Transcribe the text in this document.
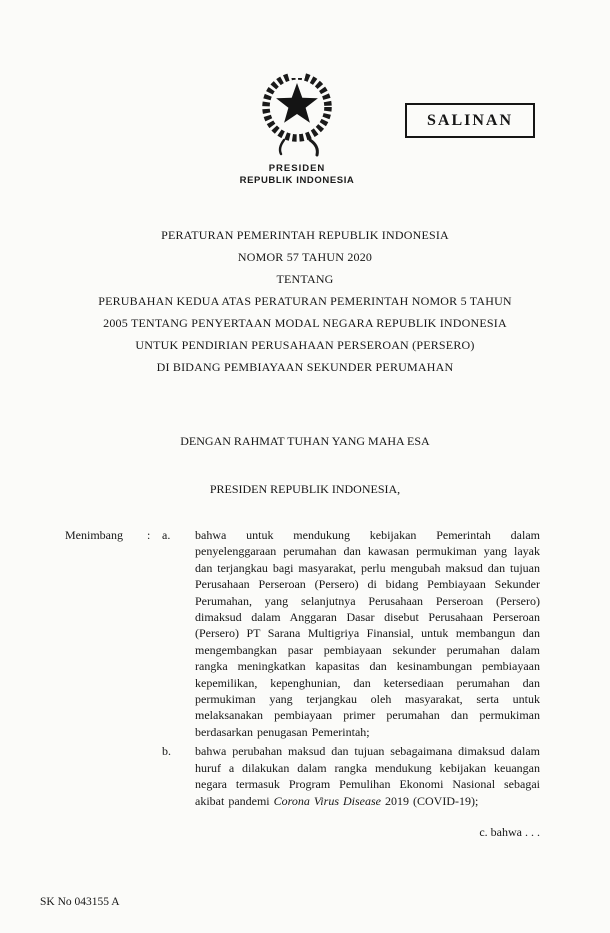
SALINAN
PRESIDEN
REPUBLIK INDONESIA
PERATURAN PEMERINTAH REPUBLIK INDONESIA
NOMOR 57 TAHUN 2020
TENTANG
PERUBAHAN KEDUA ATAS PERATURAN PEMERINTAH NOMOR 5 TAHUN
2005 TENTANG PENYERTAAN MODAL NEGARA REPUBLIK INDONESIA
UNTUK PENDIRIAN PERUSAHAAN PERSEROAN (PERSERO)
DI BIDANG PEMBIAYAAN SEKUNDER PERUMAHAN
DENGAN RAHMAT TUHAN YANG MAHA ESA
PRESIDEN REPUBLIK INDONESIA,
Menimbang	: a.	bahwa untuk mendukung kebijakan Pemerintah dalam penyelenggaraan perumahan dan kawasan permukiman yang layak dan terjangkau bagi masyarakat, perlu mengubah maksud dan tujuan Perusahaan Perseroan (Persero) di bidang Pembiayaan Sekunder Perumahan, yang selanjutnya Perusahaan Perseroan (Persero) dimaksud dalam Anggaran Dasar disebut Perusahaan Perseroan (Persero) PT Sarana Multigriya Finansial, untuk membangun dan mengembangkan pasar pembiayaan sekunder perumahan dalam rangka meningkatkan kapasitas dan kesinambungan pembiayaan kepemilikan, kepenghunian, dan ketersediaan perumahan dan permukiman yang terjangkau oleh masyarakat, serta untuk melaksanakan pembiayaan primer perumahan dan permukiman berdasarkan penugasan Pemerintah;
b.	bahwa perubahan maksud dan tujuan sebagaimana dimaksud dalam huruf a dilakukan dalam rangka mendukung kebijakan keuangan negara termasuk Program Pemulihan Ekonomi Nasional sebagai akibat pandemi Corona Virus Disease 2019 (COVID-19);
c. bahwa . . .
SK No 043155 A
